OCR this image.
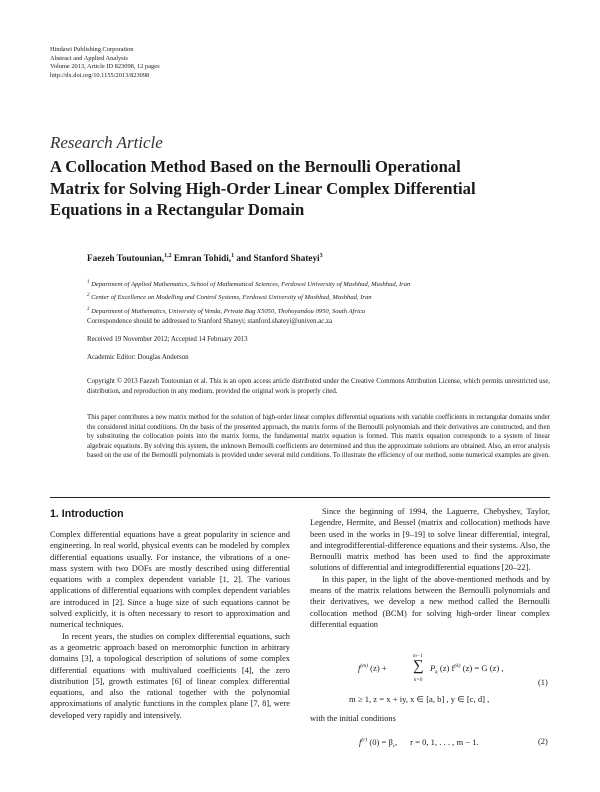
Hindawi Publishing Corporation
Abstract and Applied Analysis
Volume 2013, Article ID 823098, 12 pages
http://dx.doi.org/10.1155/2013/823098
Research Article
A Collocation Method Based on the Bernoulli Operational
Matrix for Solving High-Order Linear Complex Differential
Equations in a Rectangular Domain
Faezeh Toutounian,$^{1,2}$ Emran Tohidi,$^1$ and Stanford Shateyi$^3$
$^1$ Department of Applied Mathematics, School of Mathematical Sciences, Ferdowsi University of Mashhad, Mashhad, Iran
$^2$ Center of Excellence on Modelling and Control Systems, Ferdowsi University of Mashhad, Mashhad, Iran
$^3$ Department of Mathematics, University of Venda, Private Bag X5050, Thohoyandou 0950, South Africa
Correspondence should be addressed to Stanford Shateyi; stanford.shateyi@univen.ac.za
Received 19 November 2012; Accepted 14 February 2013
Academic Editor: Douglas Anderson
Copyright © 2013 Faezeh Toutounian et al. This is an open access article distributed under the Creative Commons Attribution License, which permits unrestricted use, distribution, and reproduction in any medium, provided the original work is properly cited.
This paper contributes a new matrix method for the solution of high-order linear complex differential equations with variable coefficients in rectangular domains under the considered initial conditions. On the basis of the presented approach, the matrix forms of the Bernoulli polynomials and their derivatives are constructed, and then by substituting the collocation points into the matrix forms, the fundamental matrix equation is formed. This matrix equation corresponds to a system of linear algebraic equations. By solving this system, the unknown Bernoulli coefficients are determined and thus the approximate solutions are obtained. Also, an error analysis based on the use of the Bernoulli polynomials is provided under several mild conditions. To illustrate the efficiency of our method, some numerical examples are given.
1. Introduction

Complex differential equations have a great popularity in science and engineering. In real world, physical events can be modeled by complex differential equations usually. For instance, the vibrations of a one-mass system with two DOFs are mostly described using differential equations with a complex dependent variable [1, 2]. The various applications of differential equations with complex dependent variables are introduced in [2]. Since a huge size of such equations cannot be solved explicitly, it is often necessary to resort to approximation and numerical techniques.

In recent years, the studies on complex differential equations, such as a geometric approach based on meromorphic function in arbitrary domains [3], a topological description of solutions of some complex differential equations with multivalued coefficients [4], the zero distribution [5], growth estimates [6] of linear complex differential equations, and also the rational together with the polynomial approximations of analytic functions in the complex plane [7, 8], were developed very rapidly and intensively.

Since the beginning of 1994, the Laguerre, Chebyshev, Taylor, Legendre, Hermite, and Bessel (matrix and collocation) methods have been used in the works in [9–19] to solve linear differential, integral, and integrodifferential-difference equations and their systems. Also, the Bernoulli matrix method has been used to find the approximate solutions of differential and integrodifferential equations [20–22].

In this paper, in the light of the above-mentioned methods and by means of the matrix relations between the Bernoulli polynomials and their derivatives, we develop a new method called the Bernoulli collocation method (BCM) for solving high-order linear complex differential equation

$f^{(m)}$ (z) +
m−1
∑
k=0
$P_k$ (z) $f^{(k)}$ (z) = G (z) ,
m ≥ 1, z = x + iy, x ∈ [a, b] , y ∈ [c, d] ,
(1)
with the initial conditions
$f^{(r)}$ $(0) = \beta_r$,      r = 0, 1, . . . , m − 1.	(2)
